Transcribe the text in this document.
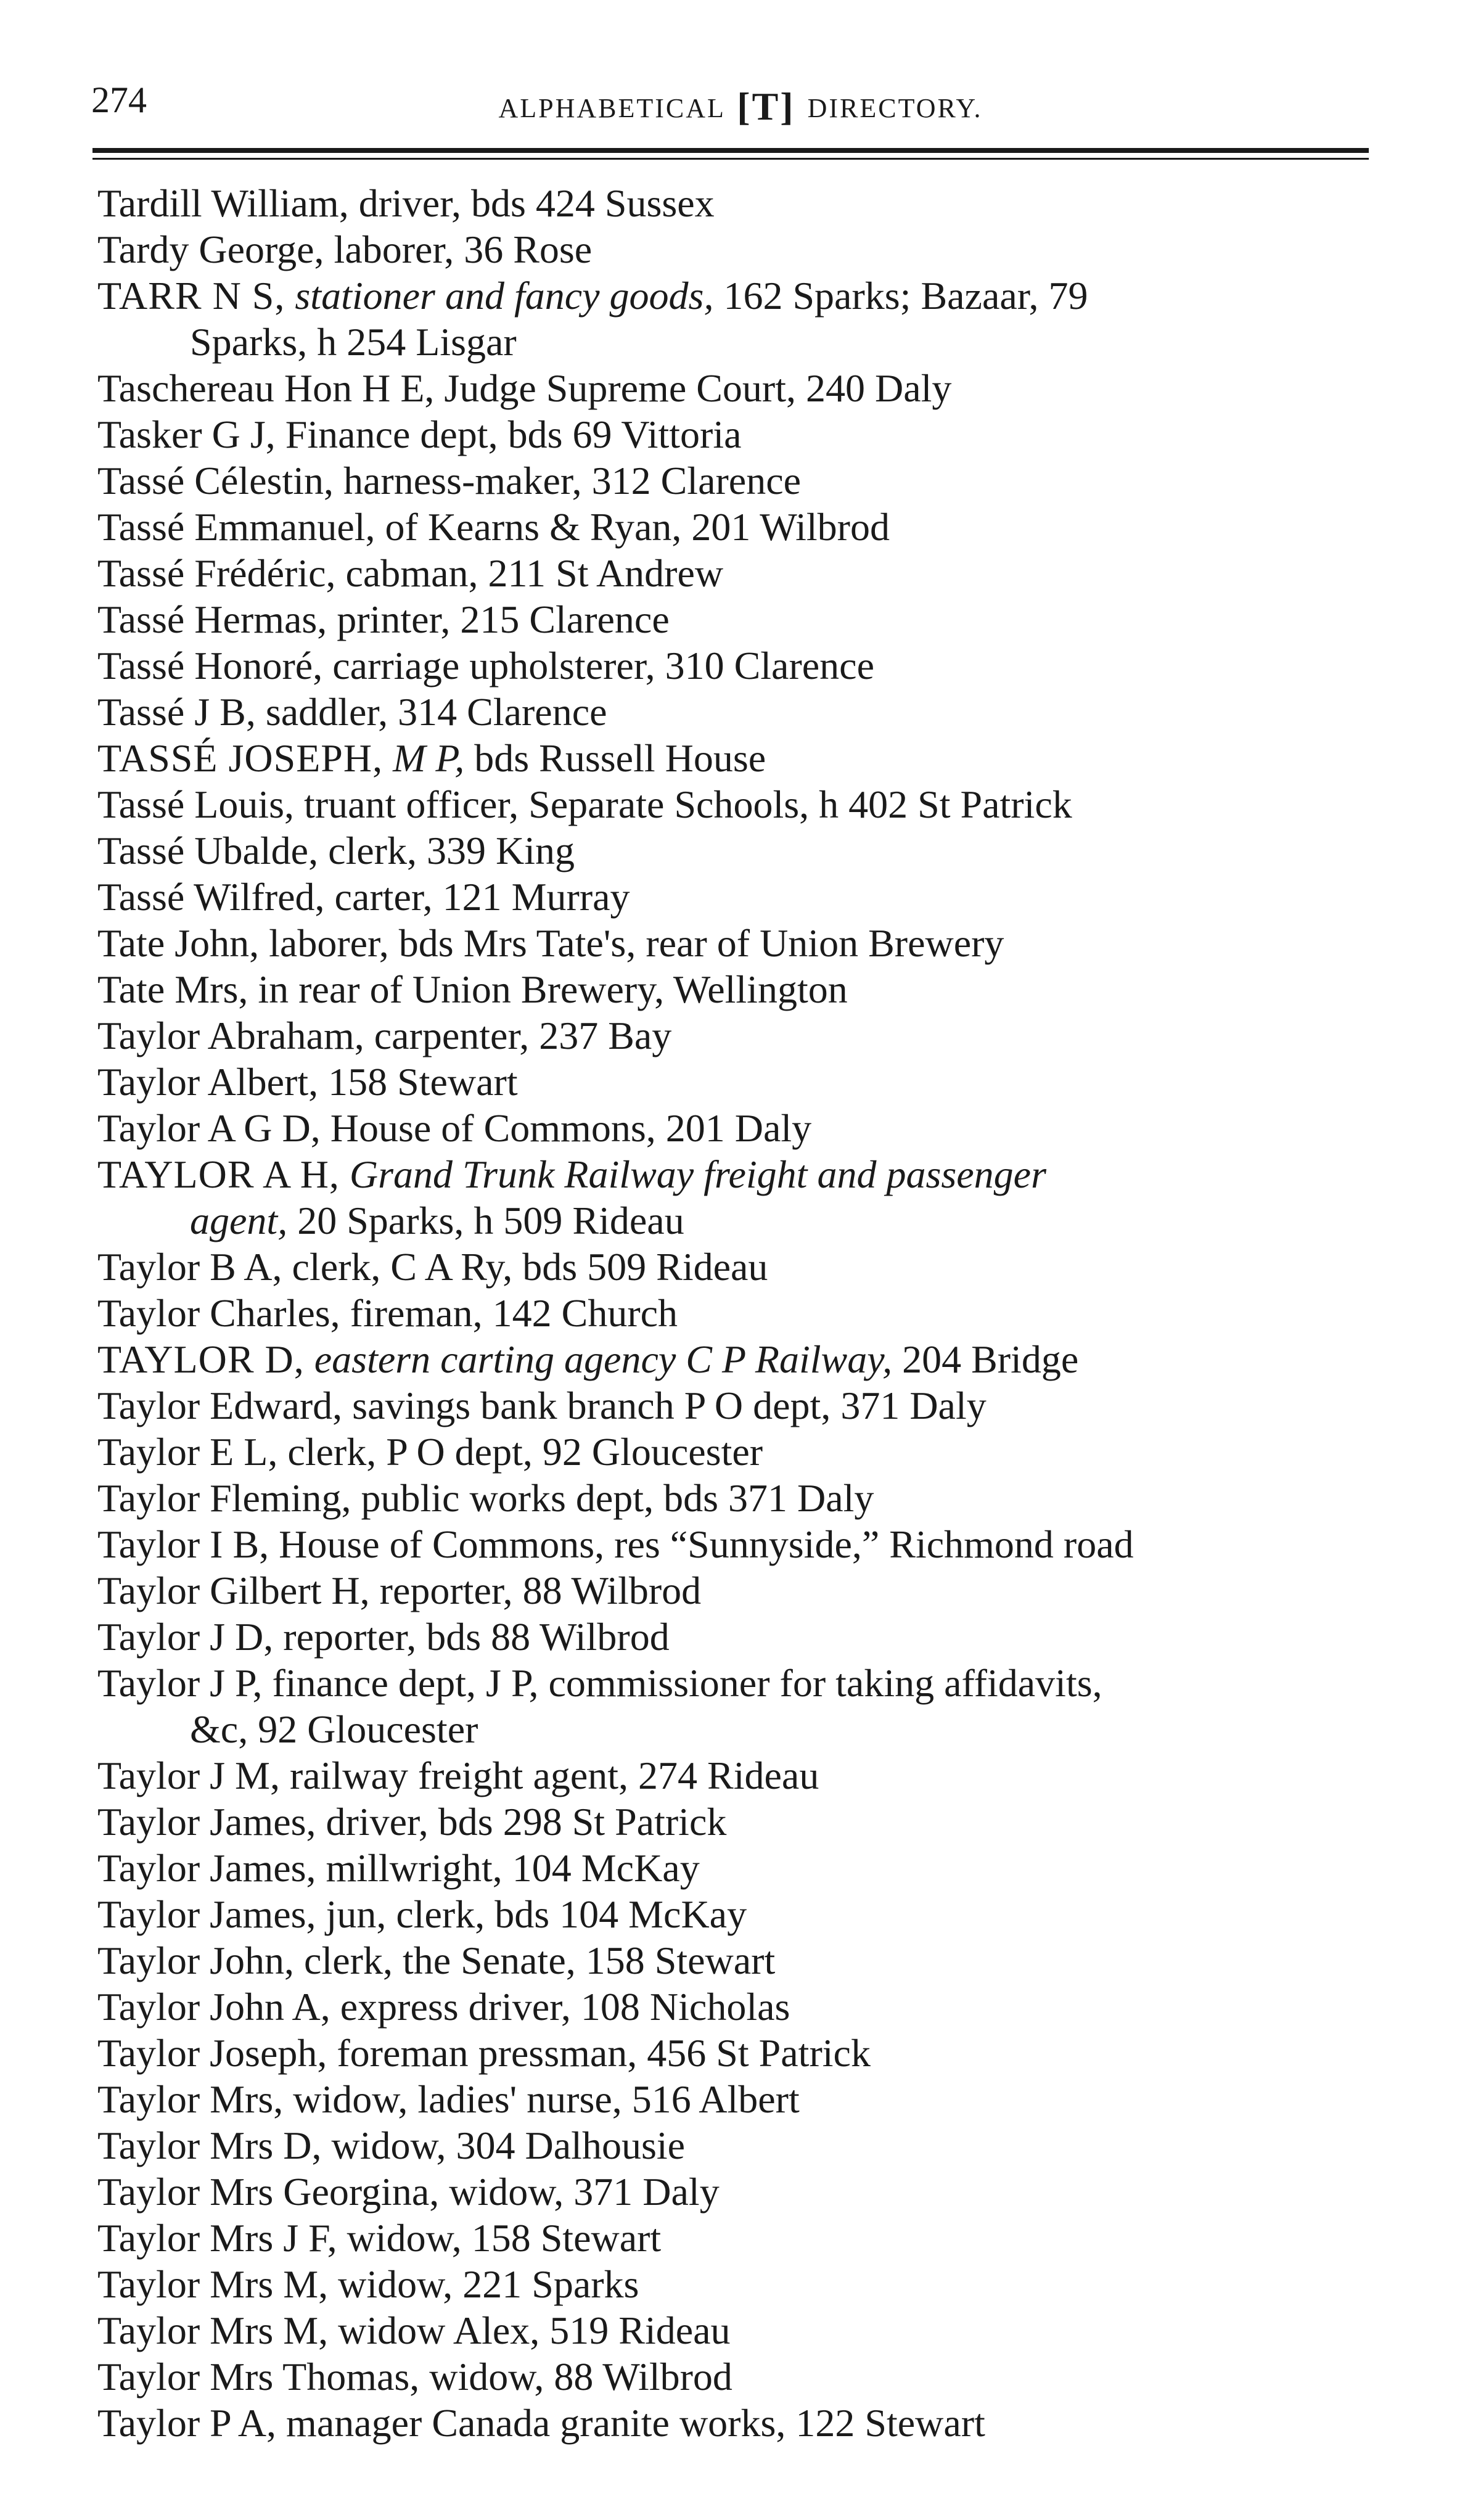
274	ALPHABETICAL [T] DIRECTORY.
Tardill William, driver, bds 424 Sussex
Tardy George, laborer, 36 Rose
TARR N S, stationer and fancy goods, 162 Sparks; Bazaar, 79
Sparks, h 254 Lisgar
Taschereau Hon H E, Judge Supreme Court, 240 Daly
Tasker G J, Finance dept, bds 69 Vittoria
Tassé Célestin, harness-maker, 312 Clarence
Tassé Emmanuel, of Kearns & Ryan, 201 Wilbrod
Tassé Frédéric, cabman, 211 St Andrew
Tassé Hermas, printer, 215 Clarence
Tassé Honoré, carriage upholsterer, 310 Clarence
Tassé J B, saddler, 314 Clarence
TASSÉ JOSEPH, M P, bds Russell House
Tassé Louis, truant officer, Separate Schools, h 402 St Patrick
Tassé Ubalde, clerk, 339 King
Tassé Wilfred, carter, 121 Murray
Tate John, laborer, bds Mrs Tate's, rear of Union Brewery
Tate Mrs, in rear of Union Brewery, Wellington
Taylor Abraham, carpenter, 237 Bay
Taylor Albert, 158 Stewart
Taylor A G D, House of Commons, 201 Daly
TAYLOR A H, Grand Trunk Railway freight and passenger
agent, 20 Sparks, h 509 Rideau
Taylor B A, clerk, C A Ry, bds 509 Rideau
Taylor Charles, fireman, 142 Church
TAYLOR D, eastern carting agency C P Railway, 204 Bridge
Taylor Edward, savings bank branch P O dept, 371 Daly
Taylor E L, clerk, P O dept, 92 Gloucester
Taylor Fleming, public works dept, bds 371 Daly
Taylor I B, House of Commons, res “Sunnyside,” Richmond road
Taylor Gilbert H, reporter, 88 Wilbrod
Taylor J D, reporter, bds 88 Wilbrod
Taylor J P, finance dept, J P, commissioner for taking affidavits,
&c, 92 Gloucester
Taylor J M, railway freight agent, 274 Rideau
Taylor James, driver, bds 298 St Patrick
Taylor James, millwright, 104 McKay
Taylor James, jun, clerk, bds 104 McKay
Taylor John, clerk, the Senate, 158 Stewart
Taylor John A, express driver, 108 Nicholas
Taylor Joseph, foreman pressman, 456 St Patrick
Taylor Mrs, widow, ladies' nurse, 516 Albert
Taylor Mrs D, widow, 304 Dalhousie
Taylor Mrs Georgina, widow, 371 Daly
Taylor Mrs J F, widow, 158 Stewart
Taylor Mrs M, widow, 221 Sparks
Taylor Mrs M, widow Alex, 519 Rideau
Taylor Mrs Thomas, widow, 88 Wilbrod
Taylor P A, manager Canada granite works, 122 Stewart
